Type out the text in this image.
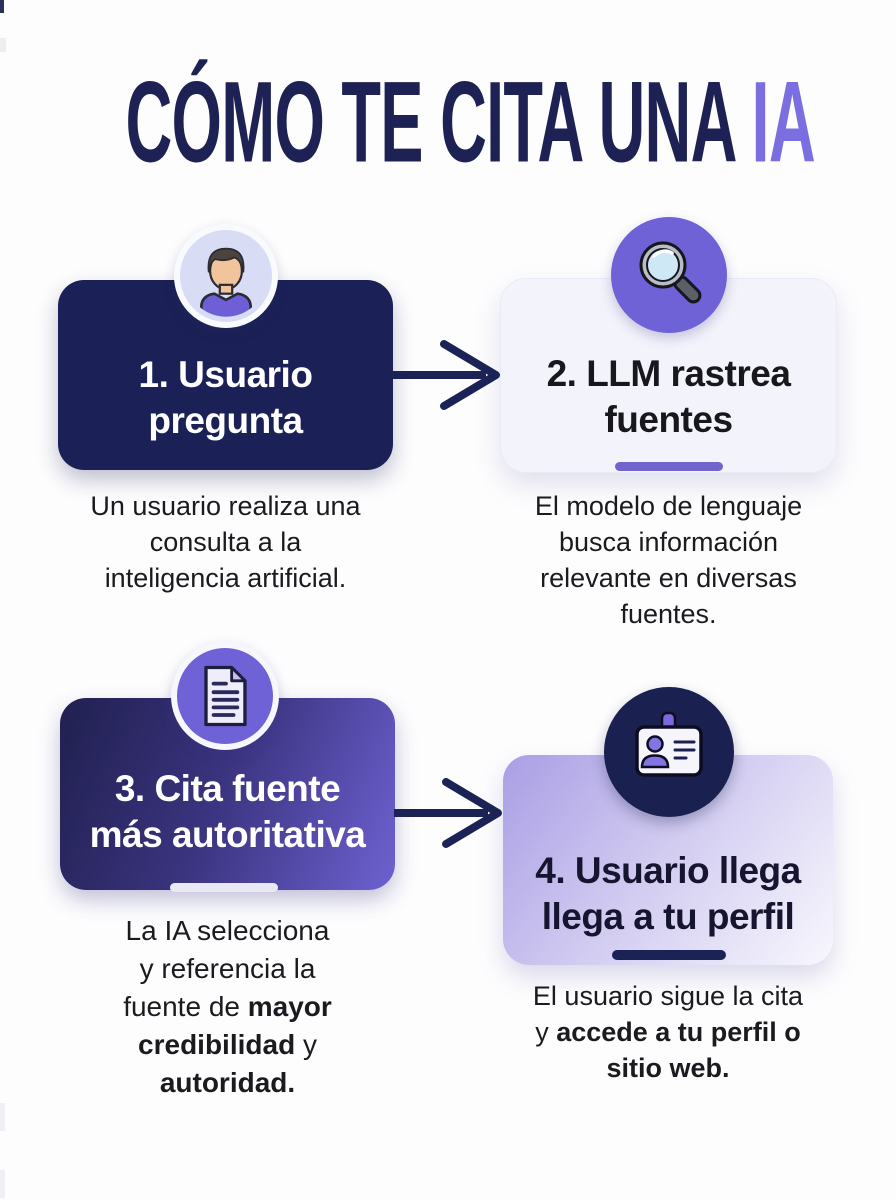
CÓMO TE CITA UNA IA
1. Usuario
pregunta
2. LLM rastrea
fuentes
3. Cita fuente
más autoritativa
4. Usuario llega
llega a tu perfil
Un usuario realiza una
consulta a la
inteligencia artificial.
El modelo de lenguaje
busca información
relevante en diversas
fuentes.
La IA selecciona
y referencia la
fuente de mayor
credibilidad y
autoridad.
El usuario sigue la cita
y accede a tu perfil o
sitio web.
